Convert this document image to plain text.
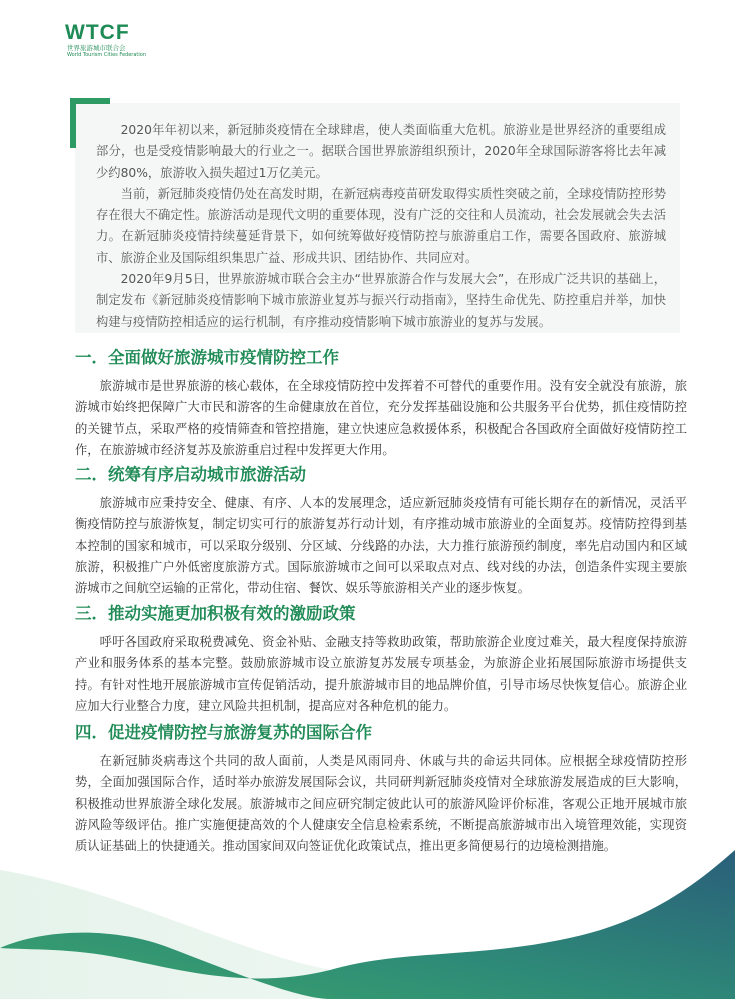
WTCF
世界旅游城市联合会
World Tourism Cities Federation

2020年年初以来，新冠肺炎疫情在全球肆虐，使人类面临重大危机。旅游业是世界经济的重要组成部分，也是受疫情影响最大的行业之一。据联合国世界旅游组织预计，2020年全球国际游客将比去年减少约80%，旅游收入损失超过1万亿美元。

当前，新冠肺炎疫情仍处在高发时期，在新冠病毒疫苗研发取得实质性突破之前，全球疫情防控形势存在很大不确定性。旅游活动是现代文明的重要体现，没有广泛的交往和人员流动，社会发展就会失去活力。在新冠肺炎疫情持续蔓延背景下，如何统筹做好疫情防控与旅游重启工作，需要各国政府、旅游城市、旅游企业及国际组织集思广益、形成共识、团结协作、共同应对。

2020年9月5日，世界旅游城市联合会主办“世界旅游合作与发展大会”，在形成广泛共识的基础上，制定发布《新冠肺炎疫情影响下城市旅游业复苏与振兴行动指南》，坚持生命优先、防控重启并举，加快构建与疫情防控相适应的运行机制，有序推动疫情影响下城市旅游业的复苏与发展。

一．全面做好旅游城市疫情防控工作

旅游城市是世界旅游的核心载体，在全球疫情防控中发挥着不可替代的重要作用。没有安全就没有旅游，旅游城市始终把保障广大市民和游客的生命健康放在首位，充分发挥基础设施和公共服务平台优势，抓住疫情防控的关键节点，采取严格的疫情筛查和管控措施，建立快速应急救援体系，积极配合各国政府全面做好疫情防控工作，在旅游城市经济复苏及旅游重启过程中发挥更大作用。

二．统筹有序启动城市旅游活动

旅游城市应秉持安全、健康、有序、人本的发展理念，适应新冠肺炎疫情有可能长期存在的新情况，灵活平衡疫情防控与旅游恢复，制定切实可行的旅游复苏行动计划，有序推动城市旅游业的全面复苏。疫情防控得到基本控制的国家和城市，可以采取分级别、分区域、分线路的办法，大力推行旅游预约制度，率先启动国内和区域旅游，积极推广户外低密度旅游方式。国际旅游城市之间可以采取点对点、线对线的办法，创造条件实现主要旅游城市之间航空运输的正常化，带动住宿、餐饮、娱乐等旅游相关产业的逐步恢复。

三．推动实施更加积极有效的激励政策

呼吁各国政府采取税费减免、资金补贴、金融支持等救助政策，帮助旅游企业度过难关，最大程度保持旅游产业和服务体系的基本完整。鼓励旅游城市设立旅游复苏发展专项基金，为旅游企业拓展国际旅游市场提供支持。有针对性地开展旅游城市宣传促销活动，提升旅游城市目的地品牌价值，引导市场尽快恢复信心。旅游企业应加大行业整合力度，建立风险共担机制，提高应对各种危机的能力。

四．促进疫情防控与旅游复苏的国际合作

在新冠肺炎病毒这个共同的敌人面前，人类是风雨同舟、休戚与共的命运共同体。应根据全球疫情防控形势，全面加强国际合作，适时举办旅游发展国际会议，共同研判新冠肺炎疫情对全球旅游发展造成的巨大影响，积极推动世界旅游全球化发展。旅游城市之间应研究制定彼此认可的旅游风险评价标准，客观公正地开展城市旅游风险等级评估。推广实施便捷高效的个人健康安全信息检索系统，不断提高旅游城市出入境管理效能，实现资质认证基础上的快捷通关。推动国家间双向签证优化政策试点，推出更多简便易行的边境检测措施。
